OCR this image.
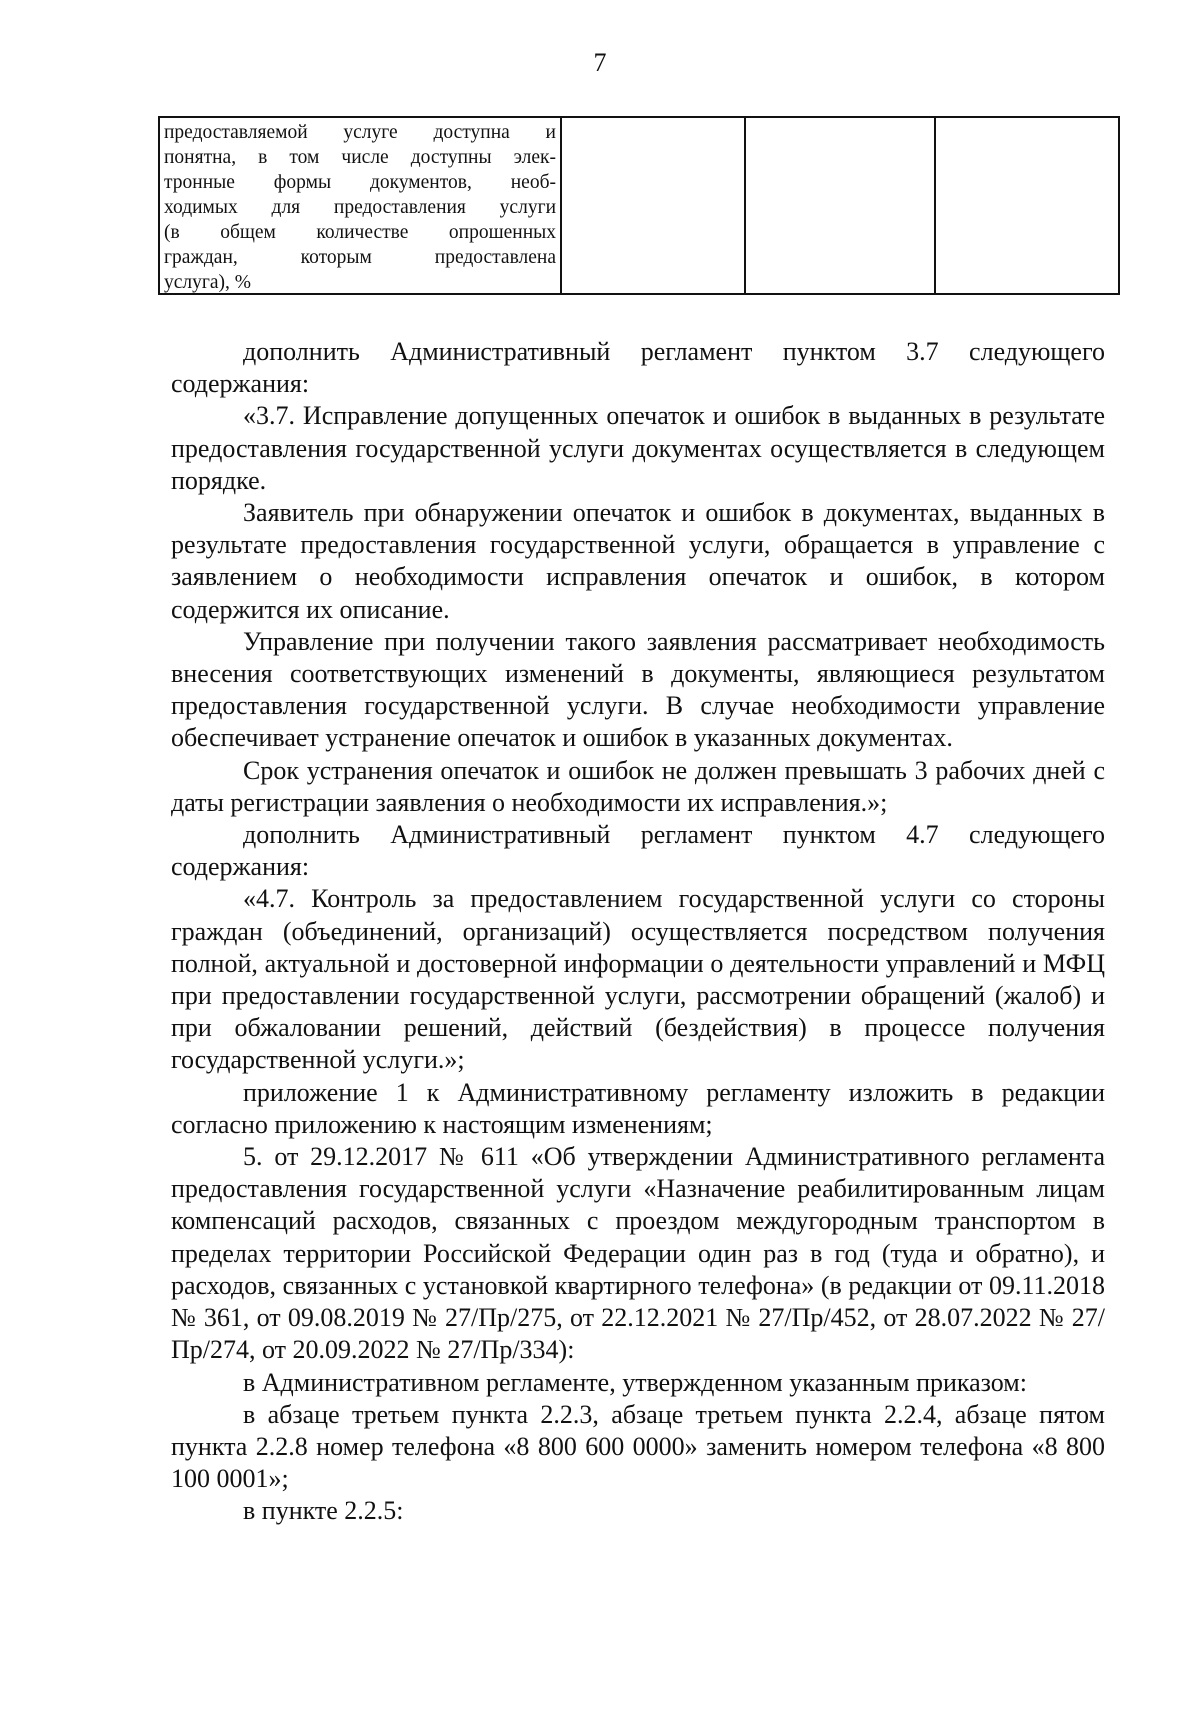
7
предоставляемой услуге доступна и
понятна, в том числе доступны элек-
тронные формы документов, необ-
ходимых для предоставления услуги
(в общем количестве опрошенных
граждан, которым предоставлена
услуга), %

дополнить Административный регламент пунктом 3.7 следующего содержания:

«3.7. Исправление допущенных опечаток и ошибок в выданных в результате предоставления государственной услуги документах осуществляется в следующем порядке.

Заявитель при обнаружении опечаток и ошибок в документах, выданных в результате предоставления государственной услуги, обращается в управление с заявлением о необходимости исправления опечаток и ошибок, в котором содержится их описание.

Управление при получении такого заявления рассматривает необходимость внесения соответствующих изменений в документы, являющиеся результатом предоставления государственной услуги. В случае необходимости управление обеспечивает устранение опечаток и ошибок в указанных документах.

Срок устранения опечаток и ошибок не должен превышать 3 рабочих дней с даты регистрации заявления о необходимости их исправления.»;

дополнить Административный регламент пунктом 4.7 следующего содержания:

«4.7. Контроль за предоставлением государственной услуги со стороны граждан (объединений, организаций) осуществляется посредством получения полной, актуальной и достоверной информации о деятельности управлений и МФЦ при предоставлении государственной услуги, рассмотрении обращений (жалоб) и при обжаловании решений, действий (бездействия) в процессе получения государственной услуги.»;

приложение 1 к Административному регламенту изложить в редакции согласно приложению к настоящим изменениям;

5. от 29.12.2017 № 611 «Об утверждении Административного регламента предоставления государственной услуги «Назначение реабилитированным лицам компенсаций расходов, связанных с проездом междугородным транспортом в пределах территории Российской Федерации один раз в год (туда и обратно), и расходов, связанных с установкой квартирного телефона» (в редакции от 09.11.2018 № 361, от 09.08.2019 № 27/Пр/275, от 22.12.2021 № 27/Пр/452, от 28.07.2022 № 27/Пр/274, от 20.09.2022 № 27/Пр/334):

в Административном регламенте, утвержденном указанным приказом:

в абзаце третьем пункта 2.2.3, абзаце третьем пункта 2.2.4, абзаце пятом пункта 2.2.8 номер телефона «8 800 600 0000» заменить номером телефона «8 800 100 0001»;

в пункте 2.2.5:
